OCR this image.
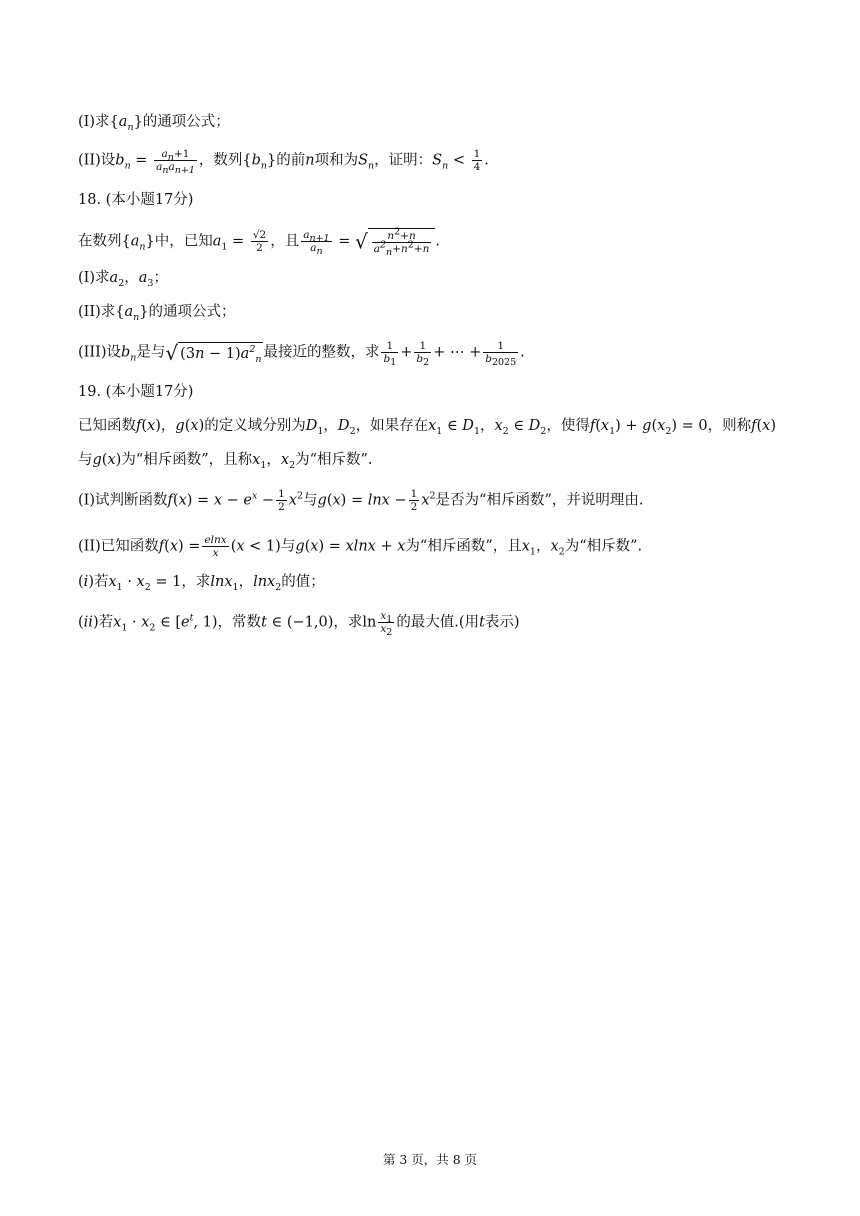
(I)求$\{a_n\}$的通项公式；
(II)设$b_n = \frac{a_n+1}{a_na_{n+1}}$ ，数列$\{b_n\}$的前n项和为$S_n$，证明：$S_n < \frac{1}{4}$ .
18. (本小题17分)
在数列$\{a_n\}$中，已知$a_1 = \frac{√2}{2}$ ，且 $\frac{a_{n+1}}{a_n}$ = √ $\frac{n^2+n}{a^2_n+n^2+n}$ .
(I)求$a_2$，$a_3$；
(II)求$\{a_n\}$的通项公式；
(III)设$b_n$是与√ $(3n - 1)a^2_n$ 最接近的整数，求 $\frac{1}{b_1} + \frac{1}{b_2}$ + ⋯ + $\frac{1}{b_{2025}}$ .
19. (本小题17分)
已知函数f(x)，g(x)的定义域分别为$D_1$，$D_2$，如果存在$x_1$ ∈ $D_1$，$x_2$ ∈ $D_2$，使得$f(x_1) + g(x_2) = 0$，则称f(x)
与g(x)为“相斥函数”，且称$x_1$，$x_2$为“相斥数”.
(I)试判断函数$f(x) = x - e^x - \frac{1}{2} x^2$与$g(x) = \ln x - \frac{1}{2} x^2$是否为“相斥函数”，并说明理由.
(II)已知函数$f(x) = \frac{elnx}{x} (x < 1)$与g(x) = xlnx + x为“相斥函数”，且$x_1$，$x_2$为“相斥数”.
(i)若$x_1 \cdot x_2 = 1$，求lnx$_1$，lnx$_2$的值；
(ii)若$x_1 \cdot x_2$ ∈ [$e^t$, 1)，常数t ∈ (−1,0)，求$\ln \frac{x_1}{x_2}$ 的最大值.(用t表示)
第 3 页，共 8 页
